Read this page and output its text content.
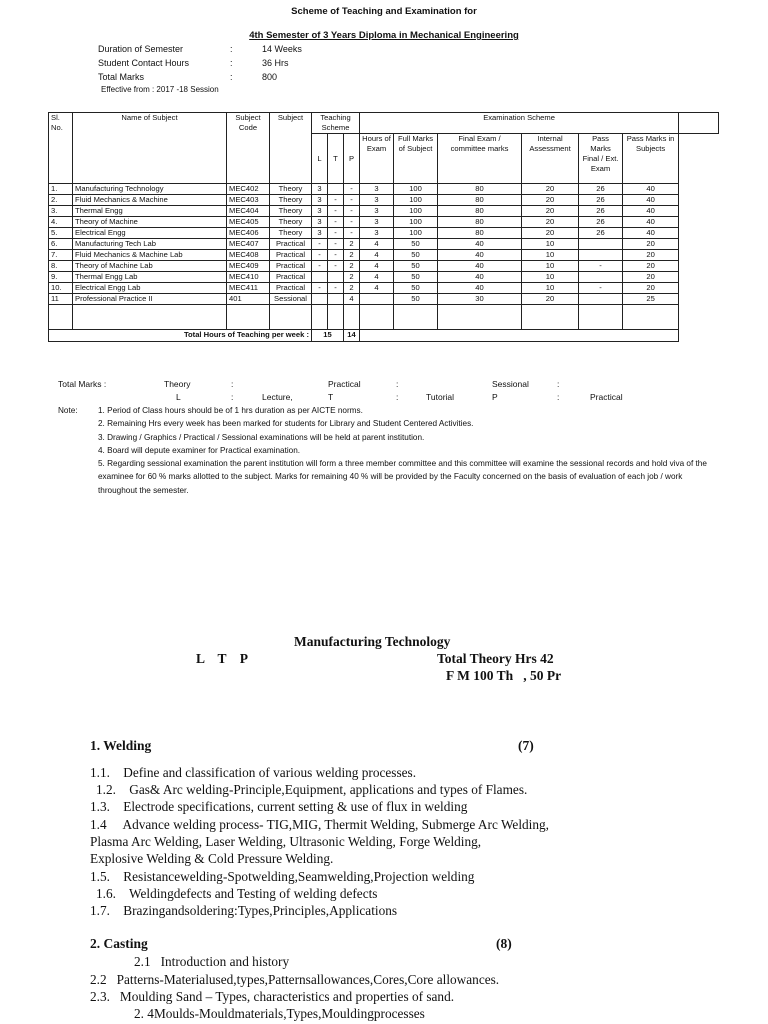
Scheme of Teaching and Examination for
4th Semester of 3 Years Diploma in Mechanical Engineering
Duration of Semester	:	14 Weeks
Student Contact Hours	:	36 Hrs
Total Marks	:	800
Effective from : 2017 -18 Session
Sl. No.	Name of Subject	Subject Code	Subject	Teaching Scheme			Examination Scheme						
				L	T	P	Hours of Exam	Full Marks of Subject	Final Exam / committee marks	Internal Assessment	Pass Marks Final / Ext. Exam	Pass Marks in Subjects	
1.	Manufacturing Technology	MEC402	Theory	3		-	3	100	80	20	26	40	
2.	Fluid Mechanics & Machine	MEC403	Theory	3	-	-	3	100	80	20	26	40	
3.	Thermal Engg	MEC404	Theory	3	-	-	3	100	80	20	26	40	
4.	Theory of Machine	MEC405	Theory	3	-	-	3	100	80	20	26	40	
5.	Electrical Engg	MEC406	Theory	3	-	-	3	100	80	20	26	40	
6.	Manufacturing Tech Lab	MEC407	Practical	-	-	2	4	50	40	10		20	
7.	Fluid Mechanics & Machine Lab	MEC408	Practical	-	-	2	4	50	40	10		20	
8.	Theory of Machine Lab	MEC409	Practical	-	-	2	4	50	40	10	-	20	
9.	Thermal Engg Lab	MEC410	Practical			2	4	50	40	10		20	
10.	Electrical Engg Lab	MEC411	Practical	-	-	2	4	50	40	10	-	20	
11	Professional Practice II	401	Sessional			4		50	30	20		25	

Total Hours of Teaching per week :				15		14							
Total Marks :	Theory	:	Practical	:	Sessional	:
L	:	Lecture,	T	:	Tutorial	P	:	Practical
Note:	1. Period of Class hours should be of 1 hrs duration as per AICTE norms.
2. Remaining Hrs every week has been marked for students for Library and Student Centered Activities.
3. Drawing / Graphics / Practical / Sessional examinations will be held at parent institution.
4. Board will depute examiner for Practical examination.
5. Regarding sessional examination the parent institution will form a three member committee and this committee will examine the sessional records and hold viva of the examinee for 60 % marks allotted to the subject. Marks for remaining 40 % will be provided by the Faculty concerned on the basis of evaluation of each job / work throughout the semester.
Manufacturing Technology
L    T    P	Total Theory Hrs 42
F M 100 Th   , 50 Pr
1. Welding	(7)
1.1.    Define and classification of various welding processes.
1.2.    Gas& Arc welding-Principle,Equipment, applications and types of Flames.
1.3.    Electrode specifications, current setting & use of flux in welding
1.4     Advance welding process- TIG,MIG, Thermit Welding, Submerge Arc Welding,
Plasma Arc Welding, Laser Welding, Ultrasonic Welding, Forge Welding,
Explosive Welding & Cold Pressure Welding.
1.5.    Resistancewelding-Spotwelding,Seamwelding,Projection welding
1.6.    Weldingdefects and Testing of welding defects
1.7.    Brazingandsoldering:Types,Principles,Applications
2. Casting	(8)
2.1   Introduction and history
2.2   Patterns-Materialused,types,Patternsallowances,Cores,Core allowances.
2.3.   Moulding Sand – Types, characteristics and properties of sand.
2. 4Moulds-Mouldmaterials,Types,Mouldingprocesses
